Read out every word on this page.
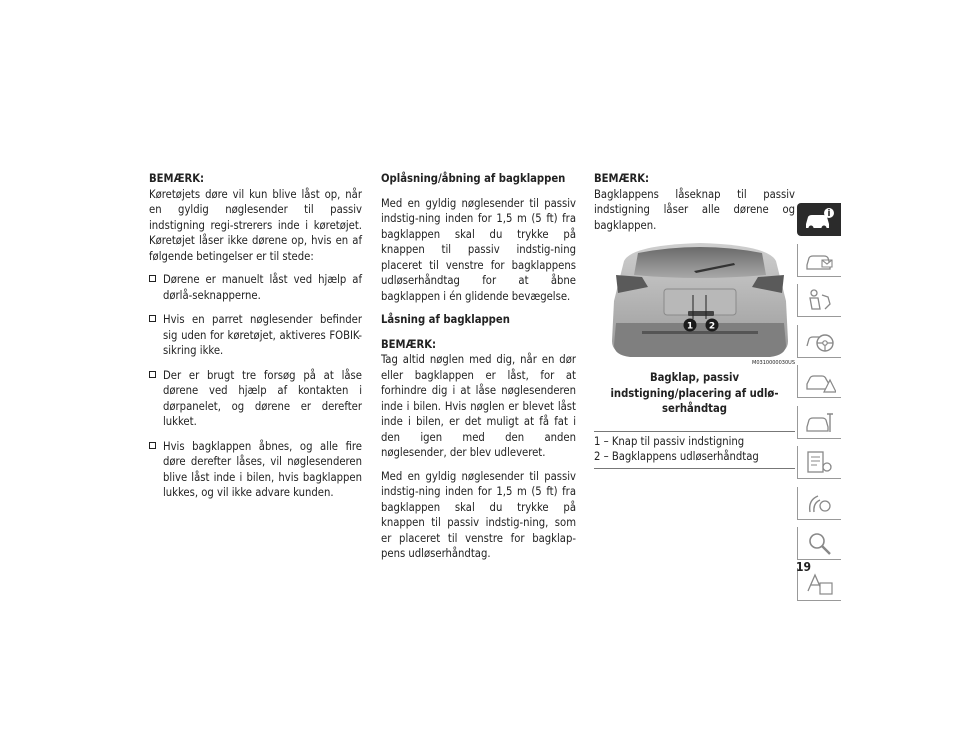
BEMÆRK:

Køretøjets døre vil kun blive låst op, når en gyldig nøglesender til passiv indstigning regi-strerers inde i køretøjet. Køretøjet låser ikke dørene op, hvis en af følgende betingelser er til stede:

Dørene er manuelt låst ved hjælp af dørlå-seknapperne.
Hvis en parret nøglesender befinder sig uden for køretøjet, aktiveres FOBIK-sikring ikke.
Der er brugt tre forsøg på at låse dørene ved hjælp af kontakten i dørpanelet, og dørene er derefter lukket.
Hvis bagklappen åbnes, og alle fire døre derefter låses, vil nøglesenderen blive låst inde i bilen, hvis bagklappen lukkes, og vil ikke advare kunden.
Oplåsning/åbning af bagklappen

Med en gyldig nøglesender til passiv indstig-ning inden for 1,5 m (5 ft) fra bagklappen skal du trykke på knappen til passiv indstig-ning placeret til venstre for bagklappens udløserhåndtag for at åbne bagklappen i én glidende bevægelse.

Låsning af bagklappen
BEMÆRK:

Tag altid nøglen med dig, når en dør eller bagklappen er låst, for at forhindre dig i at låse nøglesenderen inde i bilen. Hvis nøglen er blevet låst inde i bilen, er det muligt at få fat i den igen med den anden nøglesender, der blev udleveret.

Med en gyldig nøglesender til passiv indstig-ning inden for 1,5 m (5 ft) fra bagklappen skal du trykke på knappen til passiv indstig-ning, som er placeret til venstre for bagklap-pens udløserhåndtag.

BEMÆRK:

Bagklappens låseknap til passiv indstigning låser alle dørene og bagklappen.

1 2
M0310000030US
Bagklap, passiv indstigning/placering af udlø-serhåndtag
1 – Knap til passiv indstigning
2 – Bagklappens udløserhåndtag
19
